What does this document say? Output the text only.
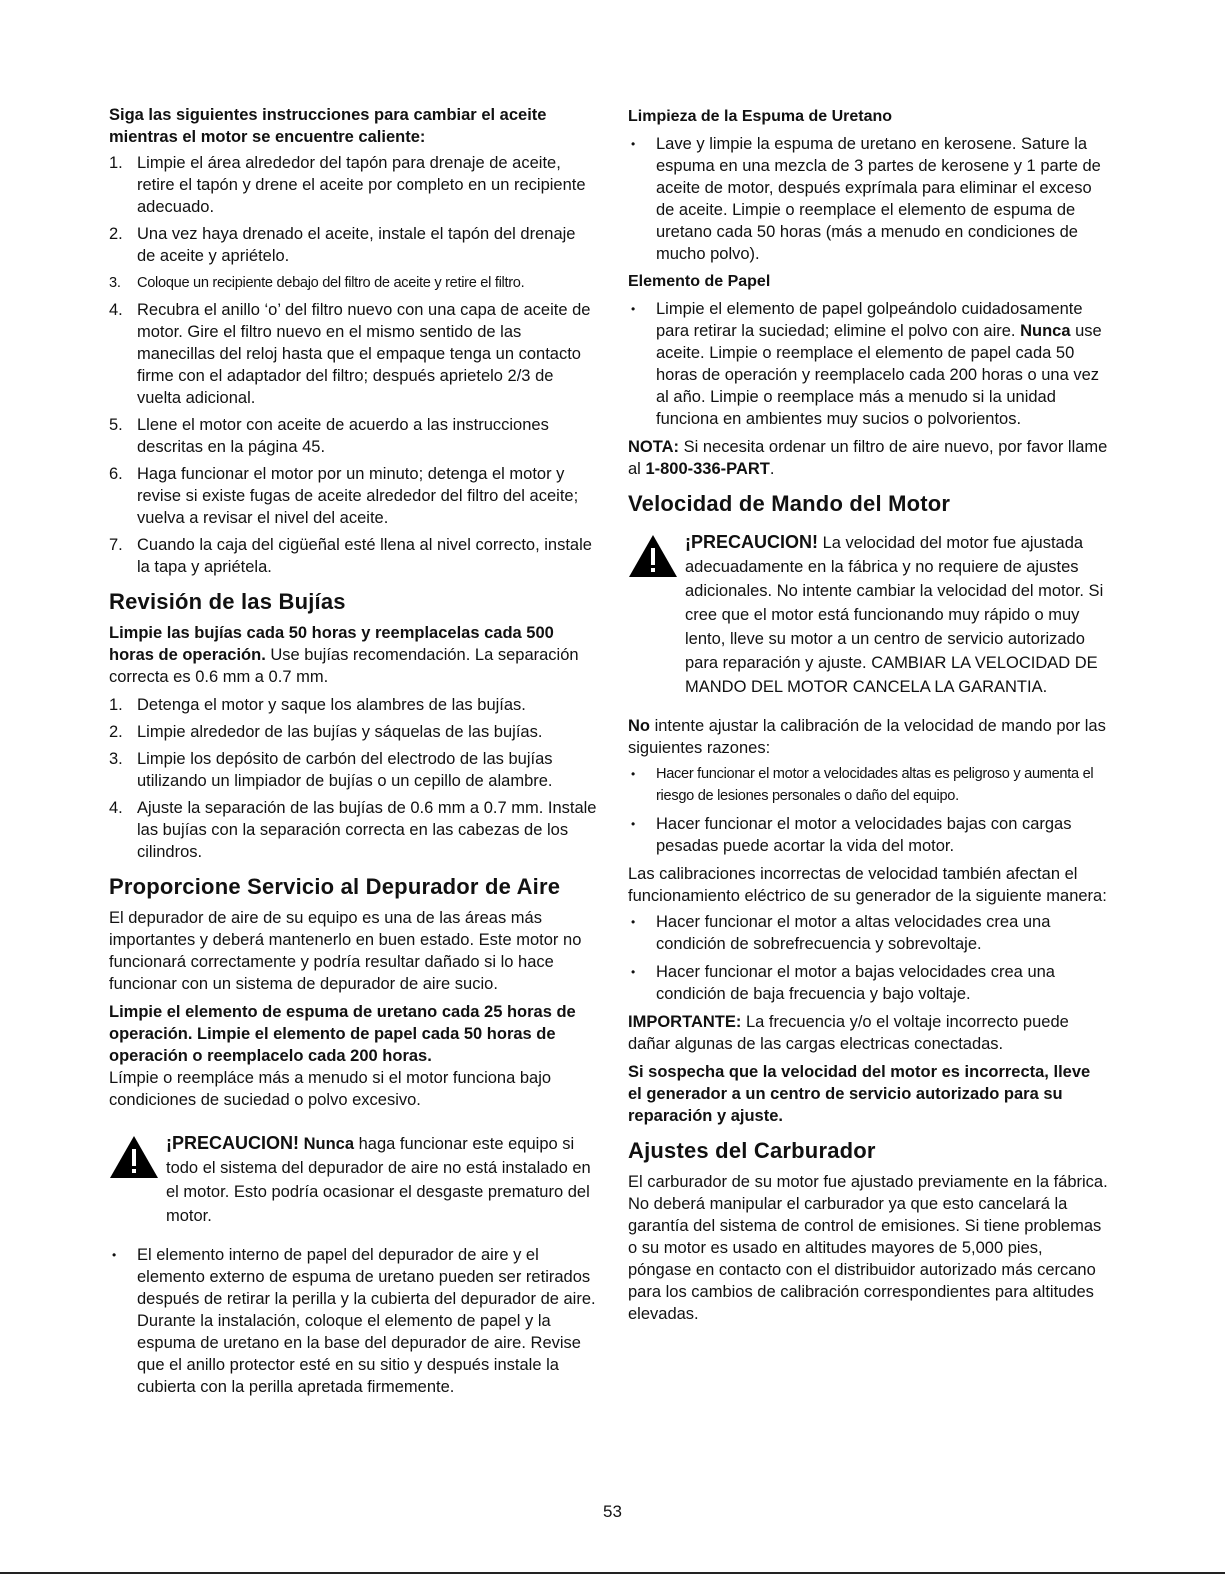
Siga las siguientes instrucciones para cambiar el aceite mientras el motor se encuentre caliente:

1. Limpie el área alrededor del tapón para drenaje de aceite, retire el tapón y drene el aceite por completo en un recipiente adecuado.
2. Una vez haya drenado el aceite, instale el tapón del drenaje de aceite y apriételo.
3. Coloque un recipiente debajo del filtro de aceite y retire el filtro.
4. Recubra el anillo ‘o’ del filtro nuevo con una capa de aceite de motor. Gire el filtro nuevo en el mismo sentido de las manecillas del reloj hasta que el empaque tenga un contacto firme con el adaptador del filtro; después aprietelo 2/3 de vuelta adicional.
5. Llene el motor con aceite de acuerdo a las instrucciones descritas en la página 45.
6. Haga funcionar el motor por un minuto; detenga el motor y revise si existe fugas de aceite alrededor del filtro del aceite; vuelva a revisar el nivel del aceite.
7. Cuando la caja del cigüeñal esté llena al nivel correcto, instale la tapa y apriétela.
Revisión de las Bujías

Limpie las bujías cada 50 horas y reemplacelas cada 500 horas de operación. Use bujías recomendación. La separación correcta es 0.6 mm a 0.7 mm.

1. Detenga el motor y saque los alambres de las bujías.
2. Limpie alrededor de las bujías y sáquelas de las bujías.
3. Limpie los depósito de carbón del electrodo de las bujías utilizando un limpiador de bujías o un cepillo de alambre.
4. Ajuste la separación de las bujías de 0.6 mm a 0.7 mm. Instale las bujías con la separación correcta en las cabezas de los cilindros.
Proporcione Servicio al Depurador de Aire

El depurador de aire de su equipo es una de las áreas más importantes y deberá mantenerlo en buen estado. Este motor no funcionará correctamente y podría resultar dañado si lo hace funcionar con un sistema de depurador de aire sucio.

Limpie el elemento de espuma de uretano cada 25 horas de operación. Limpie el elemento de papel cada 50 horas de operación o reemplacelo cada 200 horas.
Límpie o reempláce más a menudo si el motor funciona bajo condiciones de suciedad o polvo excesivo.

¡PRECAUCION! Nunca haga funcionar este equipo si todo el sistema del depurador de aire no está instalado en el motor. Esto podría ocasionar el desgaste prematuro del motor.
• El elemento interno de papel del depurador de aire y el elemento externo de espuma de uretano pueden ser retirados después de retirar la perilla y la cubierta del depurador de aire. Durante la instalación, coloque el elemento de papel y la espuma de uretano en la base del depurador de aire. Revise que el anillo protector esté en su sitio y después instale la cubierta con la perilla apretada firmemente.

Limpieza de la Espuma de Uretano

• Lave y limpie la espuma de uretano en kerosene. Sature la espuma en una mezcla de 3 partes de kerosene y 1 parte de aceite de motor, después exprímala para eliminar el exceso de aceite. Limpie o reemplace el elemento de espuma de uretano cada 50 horas (más a menudo en condiciones de mucho polvo).

Elemento de Papel

• Limpie el elemento de papel golpeándolo cuidadosamente para retirar la suciedad; elimine el polvo con aire. Nunca use aceite. Limpie o reemplace el elemento de papel cada 50 horas de operación y reemplacelo cada 200 horas o una vez al año. Limpie o reemplace más a menudo si la unidad funciona en ambientes muy sucios o polvorientos.

NOTA: Si necesita ordenar un filtro de aire nuevo, por favor llame al 1-800-336-PART.

Velocidad de Mando del Motor
¡PRECAUCION! La velocidad del motor fue ajustada adecuadamente en la fábrica y no requiere de ajustes adicionales. No intente cambiar la velocidad del motor. Si cree que el motor está funcionando muy rápido o muy lento, lleve su motor a un centro de servicio autorizado para reparación y ajuste. CAMBIAR LA VELOCIDAD DE MANDO DEL MOTOR CANCELA LA GARANTIA.

No intente ajustar la calibración de la velocidad de mando por las siguientes razones:

• Hacer funcionar el motor a velocidades altas es peligroso y aumenta el riesgo de lesiones personales o daño del equipo.
• Hacer funcionar el motor a velocidades bajas con cargas pesadas puede acortar la vida del motor.

Las calibraciones incorrectas de velocidad también afectan el funcionamiento eléctrico de su generador de la siguiente manera:

• Hacer funcionar el motor a altas velocidades crea una condición de sobrefrecuencia y sobrevoltaje.
• Hacer funcionar el motor a bajas velocidades crea una condición de baja frecuencia y bajo voltaje.

IMPORTANTE: La frecuencia y/o el voltaje incorrecto puede dañar algunas de las cargas electricas conectadas.

Si sospecha que la velocidad del motor es incorrecta, lleve el generador a un centro de servicio autorizado para su reparación y ajuste.

Ajustes del Carburador

El carburador de su motor fue ajustado previamente en la fábrica. No deberá manipular el carburador ya que esto cancelará la garantía del sistema de control de emisiones. Si tiene problemas o su motor es usado en altitudes mayores de 5,000 pies, póngase en contacto con el distribuidor autorizado más cercano para los cambios de calibración correspondientes para altitudes elevadas.

53
